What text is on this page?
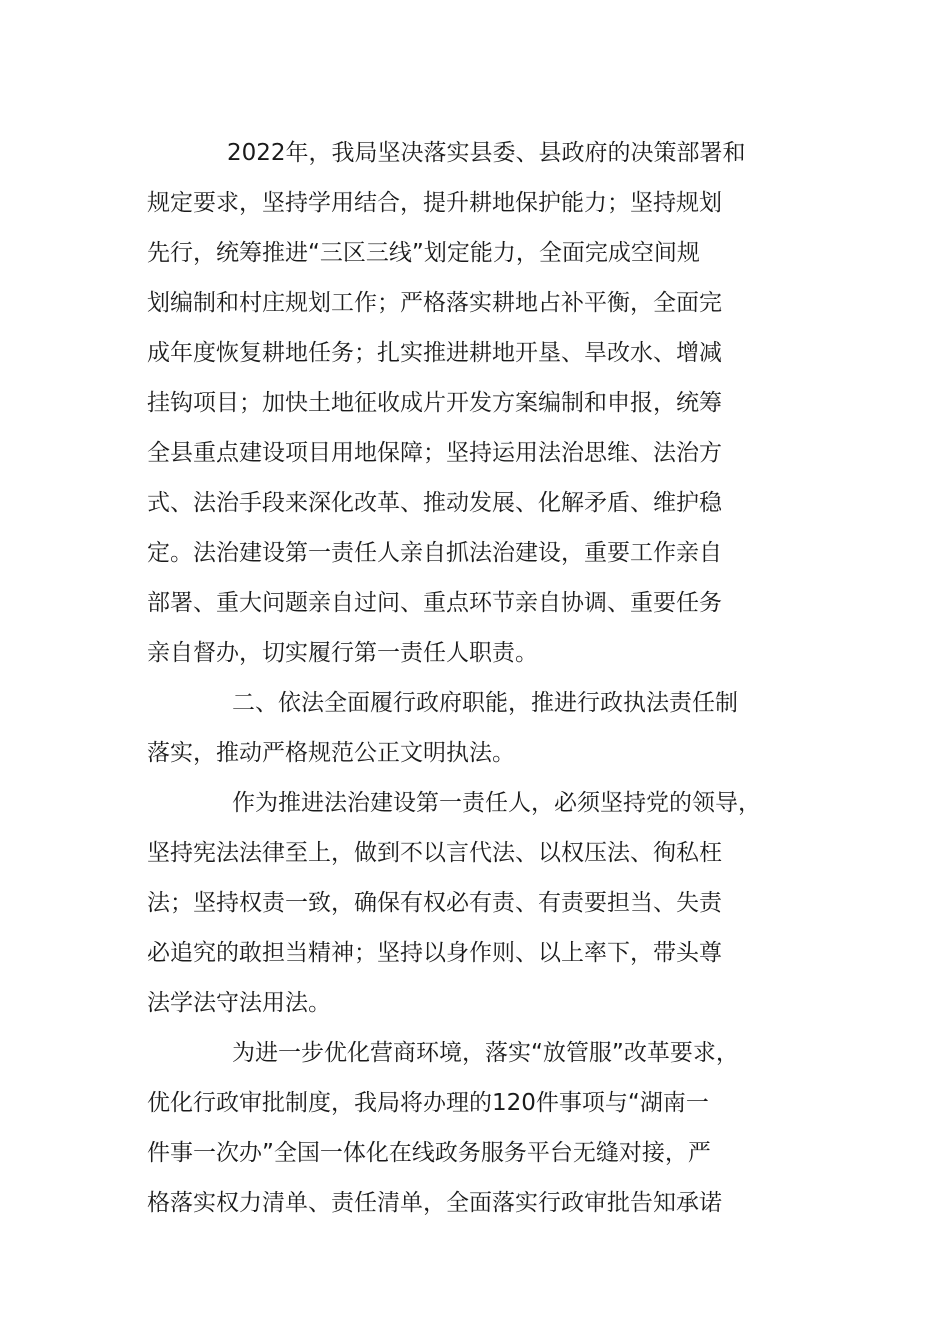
2022年，我局坚决落实县委、县政府的决策部署和
规定要求，坚持学用结合，提升耕地保护能力；坚持规划
先行，统筹推进“三区三线”划定能力，全面完成空间规
划编制和村庄规划工作；严格落实耕地占补平衡，全面完
成年度恢复耕地任务；扎实推进耕地开垦、旱改水、增减
挂钩项目；加快土地征收成片开发方案编制和申报，统筹
全县重点建设项目用地保障；坚持运用法治思维、法治方
式、法治手段来深化改革、推动发展、化解矛盾、维护稳
定。法治建设第一责任人亲自抓法治建设，重要工作亲自
部署、重大问题亲自过问、重点环节亲自协调、重要任务
亲自督办，切实履行第一责任人职责。
二、依法全面履行政府职能，推进行政执法责任制
落实，推动严格规范公正文明执法。
作为推进法治建设第一责任人，必须坚持党的领导，
坚持宪法法律至上，做到不以言代法、以权压法、徇私枉
法；坚持权责一致，确保有权必有责、有责要担当、失责
必追究的敢担当精神；坚持以身作则、以上率下，带头尊
法学法守法用法。
为进一步优化营商环境，落实“放管服”改革要求，
优化行政审批制度，我局将办理的120件事项与“湖南一
件事一次办”全国一体化在线政务服务平台无缝对接，严
格落实权力清单、责任清单，全面落实行政审批告知承诺
